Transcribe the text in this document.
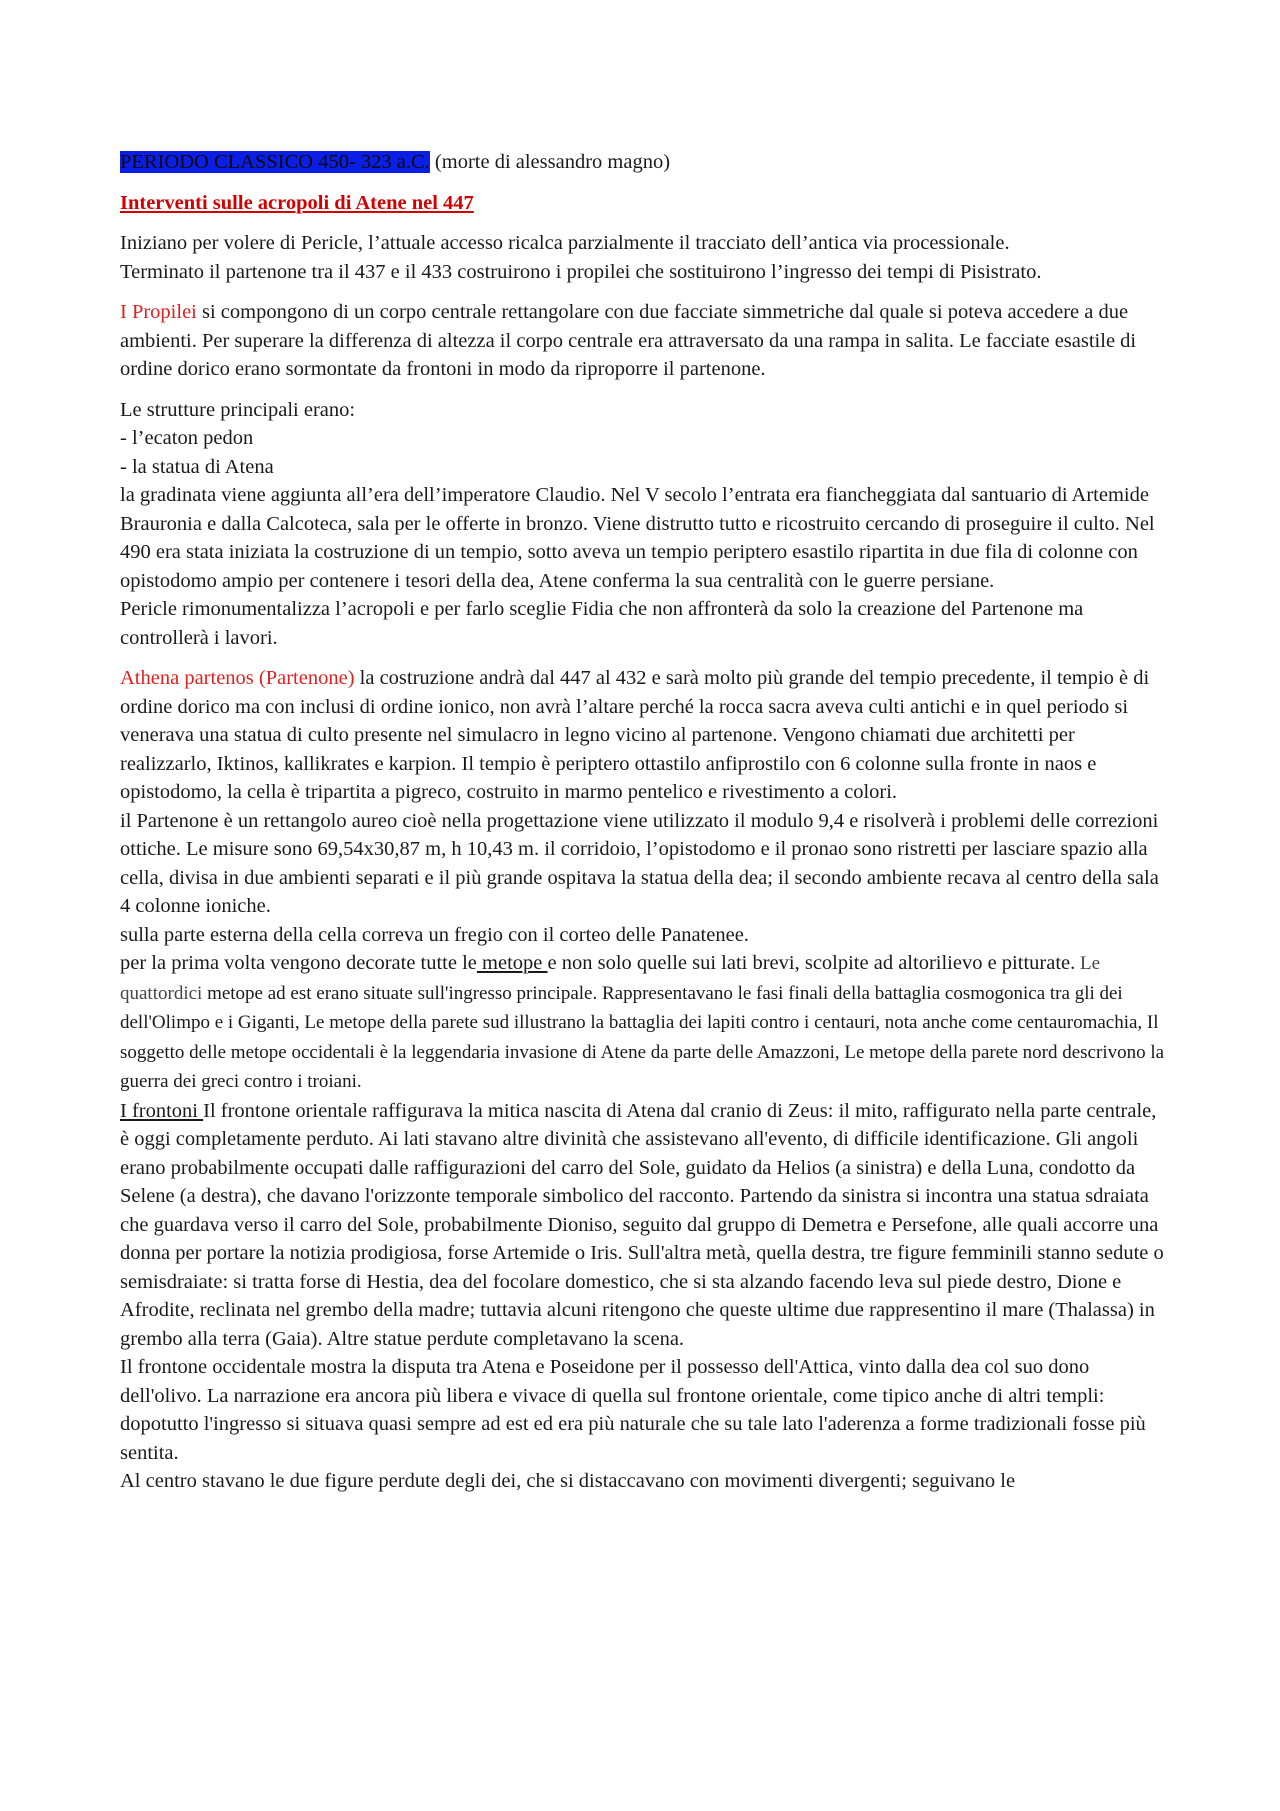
PERIODO CLASSICO 450- 323 a.C. (morte di alessandro magno)

Interventi sulle acropoli di Atene nel 447

Iniziano per volere di Pericle, l’attuale accesso ricalca parzialmente il tracciato dell’antica via processionale.
Terminato il partenone tra il 437 e il 433 costruirono i propilei che sostituirono l’ingresso dei tempi di Pisistrato.

I Propilei si compongono di un corpo centrale rettangolare con due facciate simmetriche dal quale si poteva accedere a due ambienti. Per superare la differenza di altezza il corpo centrale era attraversato da una rampa in salita. Le facciate esastile di ordine dorico erano sormontate da frontoni in modo da riproporre il partenone.

Le strutture principali erano:
- l’ecaton pedon
- la statua di Atena
la gradinata viene aggiunta all’era dell’imperatore Claudio. Nel V secolo l’entrata era fiancheggiata dal santuario di Artemide Brauronia e dalla Calcoteca, sala per le offerte in bronzo. Viene distrutto tutto e ricostruito cercando di proseguire il culto. Nel 490 era stata iniziata la costruzione di un tempio, sotto aveva un tempio periptero esastilo ripartita in due fila di colonne con opistodomo ampio per contenere i tesori della dea, Atene conferma la sua centralità con le guerre persiane.
Pericle rimonumentalizza l’acropoli e per farlo sceglie Fidia che non affronterà da solo la creazione del Partenone ma controllerà i lavori.

Athena partenos (Partenone) la costruzione andrà dal 447 al 432 e sarà molto più grande del tempio precedente, il tempio è di ordine dorico ma con inclusi di ordine ionico, non avrà l’altare perché la rocca sacra aveva culti antichi e in quel periodo si venerava una statua di culto presente nel simulacro in legno vicino al partenone. Vengono chiamati due architetti per realizzarlo, Iktinos, kallikrates e karpion. Il tempio è periptero ottastilo anfiprostilo con 6 colonne sulla fronte in naos e opistodomo, la cella è tripartita a pigreco, costruito in marmo pentelico e rivestimento a colori.

il Partenone è un rettangolo aureo cioè nella progettazione viene utilizzato il modulo 9,4 e risolverà i problemi delle correzioni ottiche. Le misure sono 69,54x30,87 m, h 10,43 m. il corridoio, l’opistodomo e il pronao sono ristretti per lasciare spazio alla cella, divisa in due ambienti separati e il più grande ospitava la statua della dea; il secondo ambiente recava al centro della sala 4 colonne ioniche.

sulla parte esterna della cella correva un fregio con il corteo delle Panatenee.

per la prima volta vengono decorate tutte le metope e non solo quelle sui lati brevi, scolpite ad altorilievo e pitturate. Le quattordici metope ad est erano situate sull'ingresso principale. Rappresentavano le fasi finali della battaglia cosmogonica tra gli dei dell'Olimpo e i Giganti, Le metope della parete sud illustrano la battaglia dei lapiti contro i centauri, nota anche come centauromachia, Il soggetto delle metope occidentali è la leggendaria invasione di Atene da parte delle Amazzoni, Le metope della parete nord descrivono la guerra dei greci contro i troiani.

I frontoni Il frontone orientale raffigurava la mitica nascita di Atena dal cranio di Zeus: il mito, raffigurato nella parte centrale, è oggi completamente perduto. Ai lati stavano altre divinità che assistevano all'evento, di difficile identificazione. Gli angoli erano probabilmente occupati dalle raffigurazioni del carro del Sole, guidato da Helios (a sinistra) e della Luna, condotto da Selene (a destra), che davano l'orizzonte temporale simbolico del racconto. Partendo da sinistra si incontra una statua sdraiata che guardava verso il carro del Sole, probabilmente Dioniso, seguito dal gruppo di Demetra e Persefone, alle quali accorre una donna per portare la notizia prodigiosa, forse Artemide o Iris. Sull'altra metà, quella destra, tre figure femminili stanno sedute o semisdraiate: si tratta forse di Hestia, dea del focolare domestico, che si sta alzando facendo leva sul piede destro, Dione e Afrodite, reclinata nel grembo della madre; tuttavia alcuni ritengono che queste ultime due rappresentino il mare (Thalassa) in grembo alla terra (Gaia). Altre statue perdute completavano la scena.

Il frontone occidentale mostra la disputa tra Atena e Poseidone per il possesso dell'Attica, vinto dalla dea col suo dono dell'olivo. La narrazione era ancora più libera e vivace di quella sul frontone orientale, come tipico anche di altri templi: dopotutto l'ingresso si situava quasi sempre ad est ed era più naturale che su tale lato l'aderenza a forme tradizionali fosse più sentita.

Al centro stavano le due figure perdute degli dei, che si distaccavano con movimenti divergenti; seguivano le
